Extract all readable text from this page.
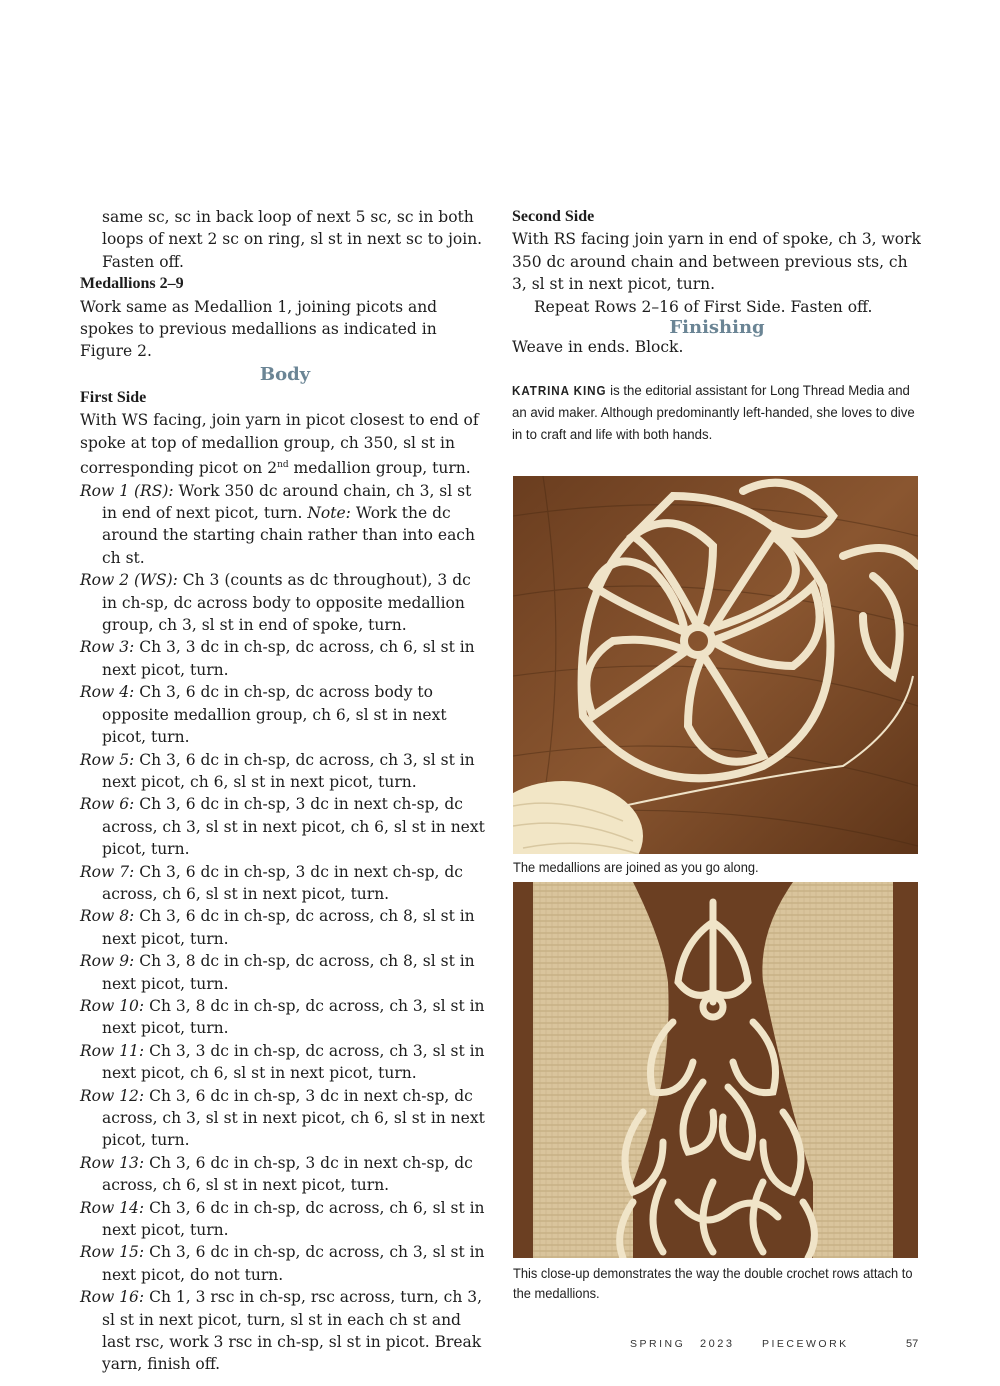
same sc, sc in back loop of next 5 sc, sc in both loops of next 2 sc on ring, sl st in next sc to join. Fasten off.

Medallions 2–9

Work same as Medallion 1, joining picots and spokes to previous medallions as indicated in Figure 2.

Body

First Side

With WS facing, join yarn in picot closest to end of spoke at top of medallion group, ch 350, sl st in corresponding picot on 2nd medallion group, turn.

Row 1 (RS): Work 350 dc around chain, ch 3, sl st in end of next picot, turn. Note: Work the dc around the starting chain rather than into each ch st.

Row 2 (WS): Ch 3 (counts as dc throughout), 3 dc in ch-sp, dc across body to opposite medallion group, ch 3, sl st in end of spoke, turn.

Row 3: Ch 3, 3 dc in ch-sp, dc across, ch 6, sl st in next picot, turn.

Row 4: Ch 3, 6 dc in ch-sp, dc across body to opposite medallion group, ch 6, sl st in next picot, turn.

Row 5: Ch 3, 6 dc in ch-sp, dc across, ch 3, sl st in next picot, ch 6, sl st in next picot, turn.

Row 6: Ch 3, 6 dc in ch-sp, 3 dc in next ch-sp, dc across, ch 3, sl st in next picot, ch 6, sl st in next picot, turn.

Row 7: Ch 3, 6 dc in ch-sp, 3 dc in next ch-sp, dc across, ch 6, sl st in next picot, turn.

Row 8: Ch 3, 6 dc in ch-sp, dc across, ch 8, sl st in next picot, turn.

Row 9: Ch 3, 8 dc in ch-sp, dc across, ch 8, sl st in next picot, turn.

Row 10: Ch 3, 8 dc in ch-sp, dc across, ch 3, sl st in next picot, turn.

Row 11: Ch 3, 3 dc in ch-sp, dc across, ch 3, sl st in next picot, ch 6, sl st in next picot, turn.

Row 12: Ch 3, 6 dc in ch-sp, 3 dc in next ch-sp, dc across, ch 3, sl st in next picot, ch 6, sl st in next picot, turn.

Row 13: Ch 3, 6 dc in ch-sp, 3 dc in next ch-sp, dc across, ch 6, sl st in next picot, turn.

Row 14: Ch 3, 6 dc in ch-sp, dc across, ch 6, sl st in next picot, turn.

Row 15: Ch 3, 6 dc in ch-sp, dc across, ch 3, sl st in next picot, do not turn.

Row 16: Ch 1, 3 rsc in ch-sp, rsc across, turn, ch 3, sl st in next picot, turn, sl st in each ch st and last rsc, work 3 rsc in ch-sp, sl st in picot. Break yarn, finish off.

Second Side

With RS facing join yarn in end of spoke, ch 3, work 350 dc around chain and between previous sts, ch 3, sl st in next picot, turn.

Repeat Rows 2–16 of First Side. Fasten off.

Finishing

Weave in ends. Block.

KATRINA KING is the editorial assistant for Long Thread Media and an avid maker. Although predominantly left-handed, she loves to dive in to craft and life with both hands.

The medallions are joined as you go along.

This close-up demonstrates the way the double crochet rows attach to the medallions.

SPRING 2023	PIECEWORK	57
